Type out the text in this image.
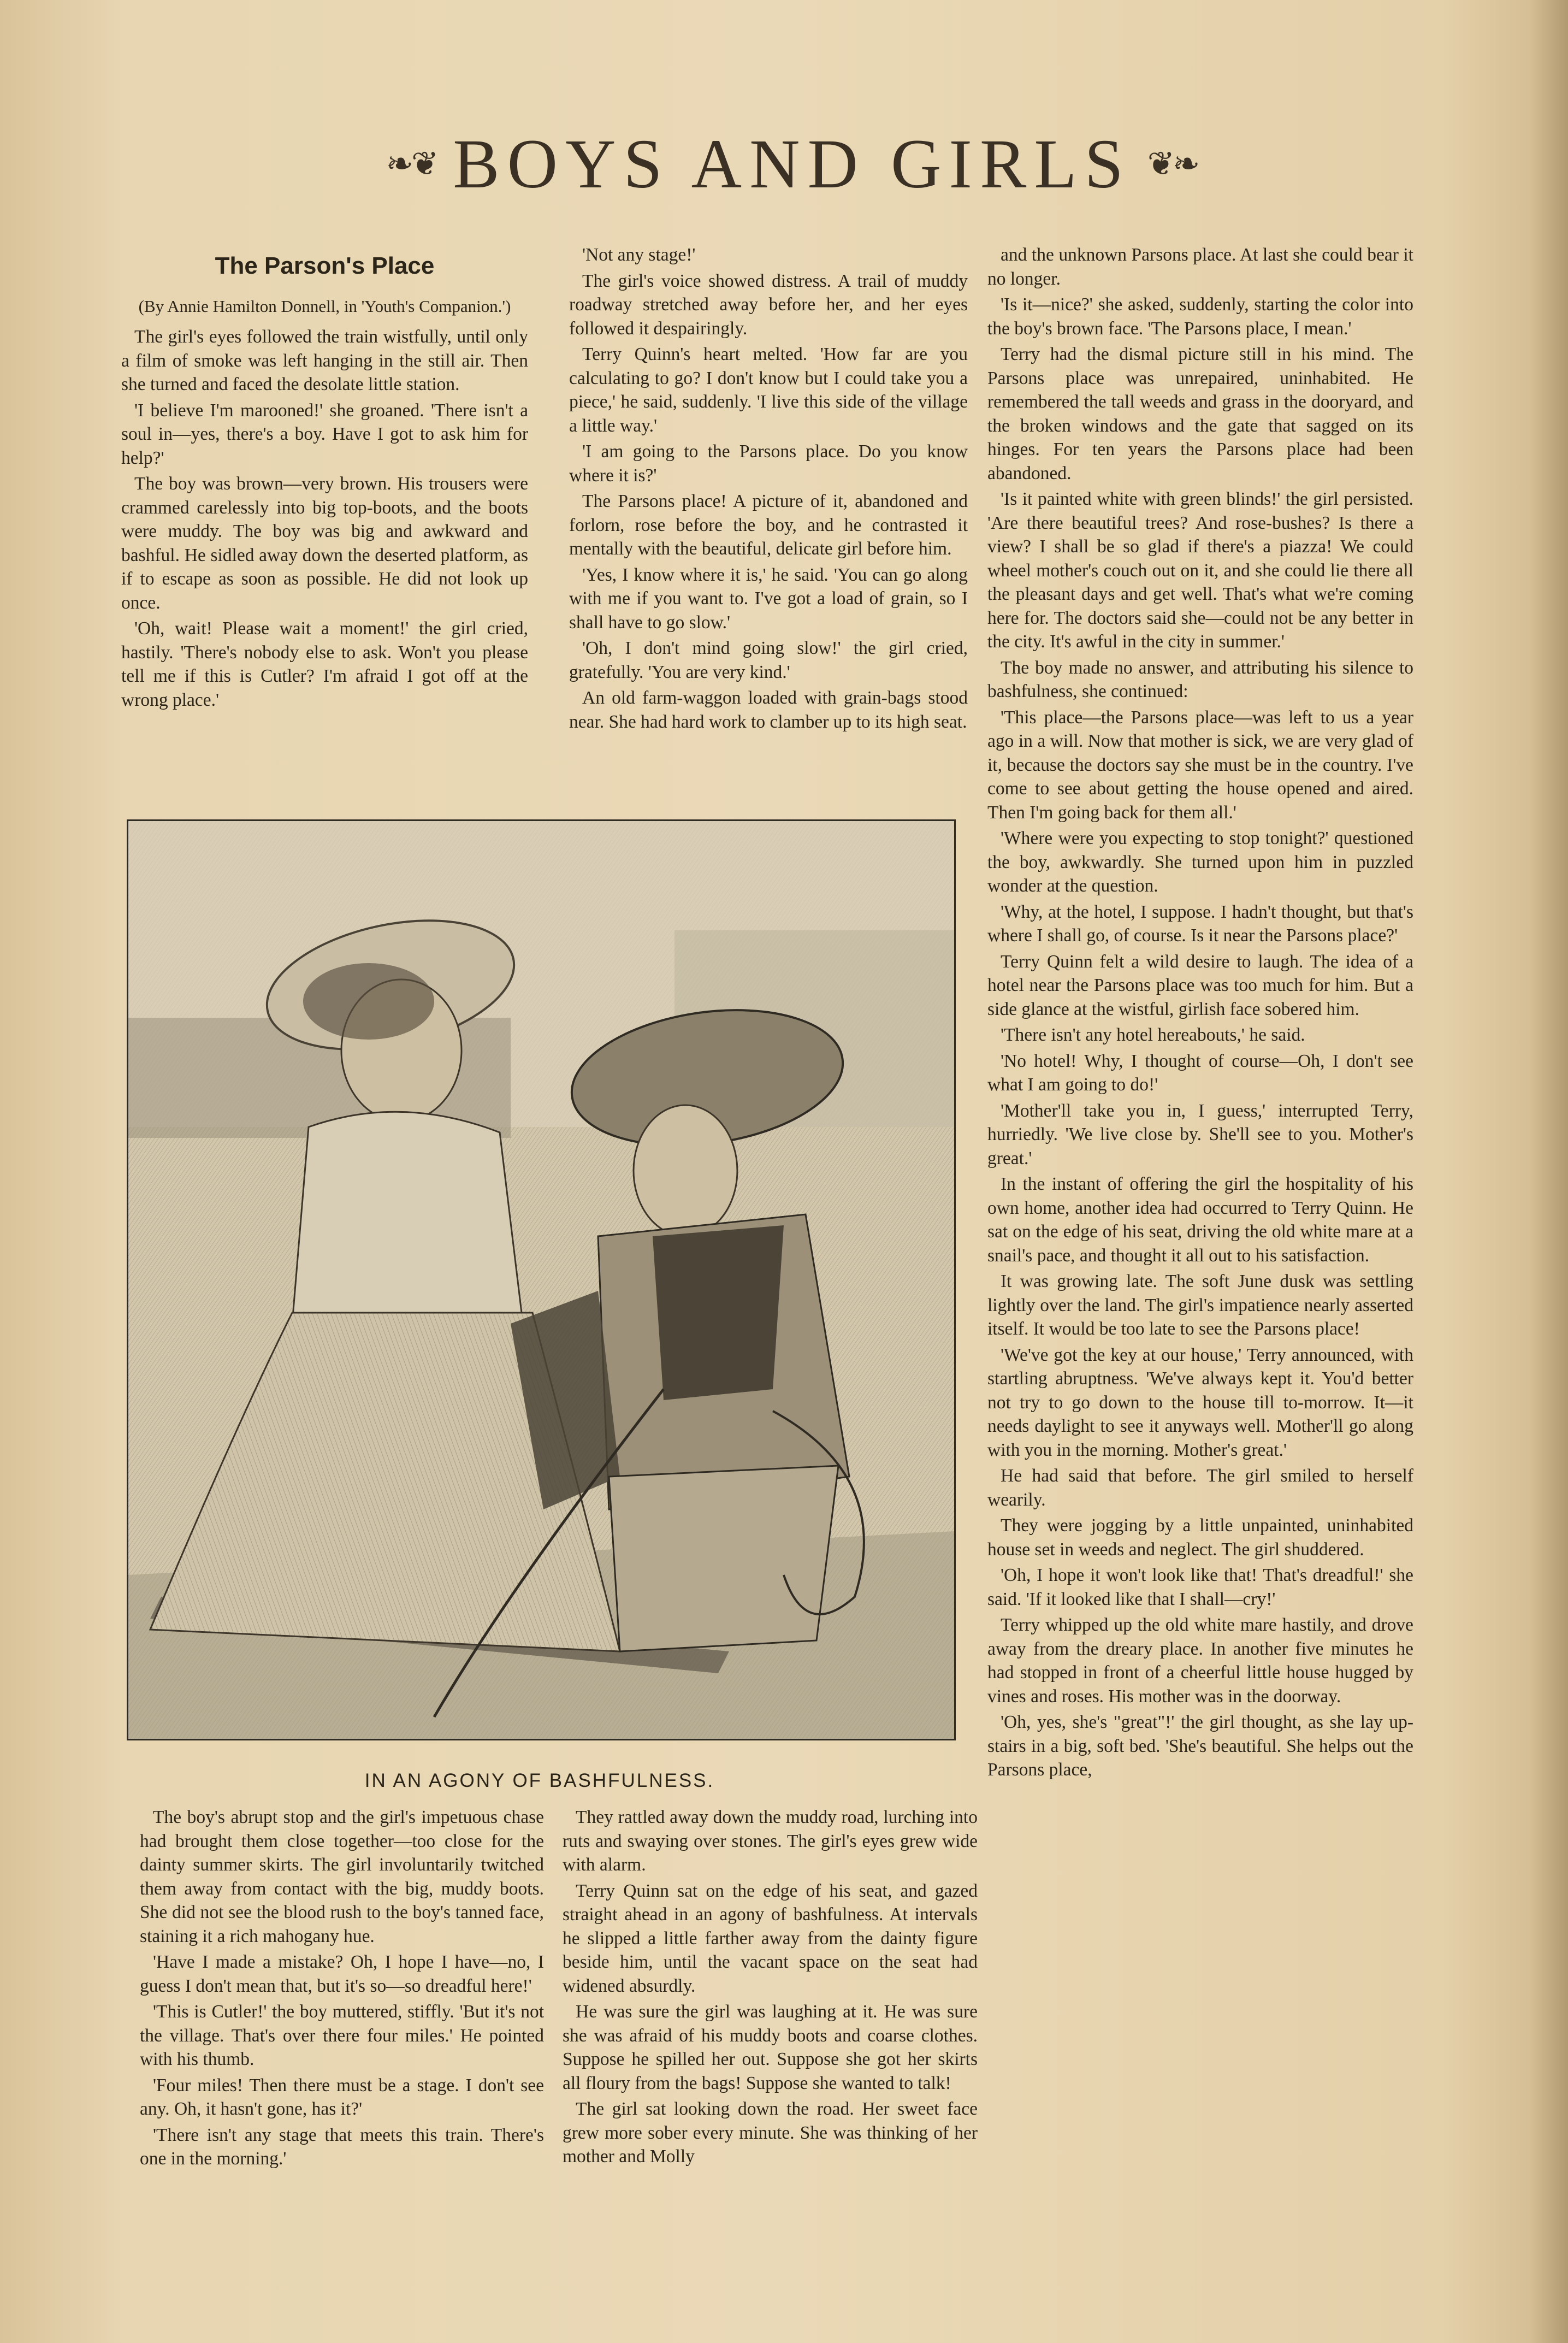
❧❦ BOYS AND GIRLS ❦❧
The Parson's Place
(By Annie Hamilton Donnell, in 'Youth's Companion.')

The girl's eyes followed the train wistfully, until only a film of smoke was left hanging in the still air. Then she turned and faced the desolate little station.

'I believe I'm marooned!' she groaned. 'There isn't a soul in—yes, there's a boy. Have I got to ask him for help?'

The boy was brown—very brown. His trousers were crammed carelessly into big top-boots, and the boots were muddy. The boy was big and awkward and bashful. He sidled away down the deserted platform, as if to escape as soon as possible. He did not look up once.

'Oh, wait! Please wait a moment!' the girl cried, hastily. 'There's nobody else to ask. Won't you please tell me if this is Cutler? I'm afraid I got off at the wrong place.'

'Not any stage!'

The girl's voice showed distress. A trail of muddy roadway stretched away before her, and her eyes followed it despairingly.

Terry Quinn's heart melted. 'How far are you calculating to go? I don't know but I could take you a piece,' he said, suddenly. 'I live this side of the village a little way.'

'I am going to the Parsons place. Do you know where it is?'

The Parsons place! A picture of it, abandoned and forlorn, rose before the boy, and he contrasted it mentally with the beautiful, delicate girl before him.

'Yes, I know where it is,' he said. 'You can go along with me if you want to. I've got a load of grain, so I shall have to go slow.'

'Oh, I don't mind going slow!' the girl cried, gratefully. 'You are very kind.'

An old farm-waggon loaded with grain-bags stood near. She had hard work to clamber up to its high seat.

and the unknown Parsons place. At last she could bear it no longer.

'Is it—nice?' she asked, suddenly, starting the color into the boy's brown face. 'The Parsons place, I mean.'

Terry had the dismal picture still in his mind. The Parsons place was unrepaired, uninhabited. He remembered the tall weeds and grass in the dooryard, and the broken windows and the gate that sagged on its hinges. For ten years the Parsons place had been abandoned.

'Is it painted white with green blinds!' the girl persisted. 'Are there beautiful trees? And rose-bushes? Is there a view? I shall be so glad if there's a piazza! We could wheel mother's couch out on it, and she could lie there all the pleasant days and get well. That's what we're coming here for. The doctors said she—could not be any better in the city. It's awful in the city in summer.'

The boy made no answer, and attributing his silence to bashfulness, she continued:

'This place—the Parsons place—was left to us a year ago in a will. Now that mother is sick, we are very glad of it, because the doctors say she must be in the country. I've come to see about getting the house opened and aired. Then I'm going back for them all.'

'Where were you expecting to stop tonight?' questioned the boy, awkwardly. She turned upon him in puzzled wonder at the question.

'Why, at the hotel, I suppose. I hadn't thought, but that's where I shall go, of course. Is it near the Parsons place?'

Terry Quinn felt a wild desire to laugh. The idea of a hotel near the Parsons place was too much for him. But a side glance at the wistful, girlish face sobered him.

'There isn't any hotel hereabouts,' he said.

'No hotel! Why, I thought of course—Oh, I don't see what I am going to do!'

'Mother'll take you in, I guess,' interrupted Terry, hurriedly. 'We live close by. She'll see to you. Mother's great.'

In the instant of offering the girl the hospitality of his own home, another idea had occurred to Terry Quinn. He sat on the edge of his seat, driving the old white mare at a snail's pace, and thought it all out to his satisfaction.

It was growing late. The soft June dusk was settling lightly over the land. The girl's impatience nearly asserted itself. It would be too late to see the Parsons place!

'We've got the key at our house,' Terry announced, with startling abruptness. 'We've always kept it. You'd better not try to go down to the house till to-morrow. It—it needs daylight to see it anyways well. Mother'll go along with you in the morning. Mother's great.'

He had said that before. The girl smiled to herself wearily.

They were jogging by a little unpainted, uninhabited house set in weeds and neglect. The girl shuddered.

'Oh, I hope it won't look like that! That's dreadful!' she said. 'If it looked like that I shall—cry!'

Terry whipped up the old white mare hastily, and drove away from the dreary place. In another five minutes he had stopped in front of a cheerful little house hugged by vines and roses. His mother was in the doorway.

'Oh, yes, she's "great"!' the girl thought, as she lay up-stairs in a big, soft bed. 'She's beautiful. She helps out the Parsons place,

IN AN AGONY OF BASHFULNESS.

The boy's abrupt stop and the girl's impetuous chase had brought them close together—too close for the dainty summer skirts. The girl involuntarily twitched them away from contact with the big, muddy boots. She did not see the blood rush to the boy's tanned face, staining it a rich mahogany hue.

'Have I made a mistake? Oh, I hope I have—no, I guess I don't mean that, but it's so—so dreadful here!'

'This is Cutler!' the boy muttered, stiffly. 'But it's not the village. That's over there four miles.' He pointed with his thumb.

'Four miles! Then there must be a stage. I don't see any. Oh, it hasn't gone, has it?'

'There isn't any stage that meets this train. There's one in the morning.'

They rattled away down the muddy road, lurching into ruts and swaying over stones. The girl's eyes grew wide with alarm.

Terry Quinn sat on the edge of his seat, and gazed straight ahead in an agony of bashfulness. At intervals he slipped a little farther away from the dainty figure beside him, until the vacant space on the seat had widened absurdly.

He was sure the girl was laughing at it. He was sure she was afraid of his muddy boots and coarse clothes. Suppose he spilled her out. Suppose she got her skirts all floury from the bags! Suppose she wanted to talk!

The girl sat looking down the road. Her sweet face grew more sober every minute. She was thinking of her mother and Molly
